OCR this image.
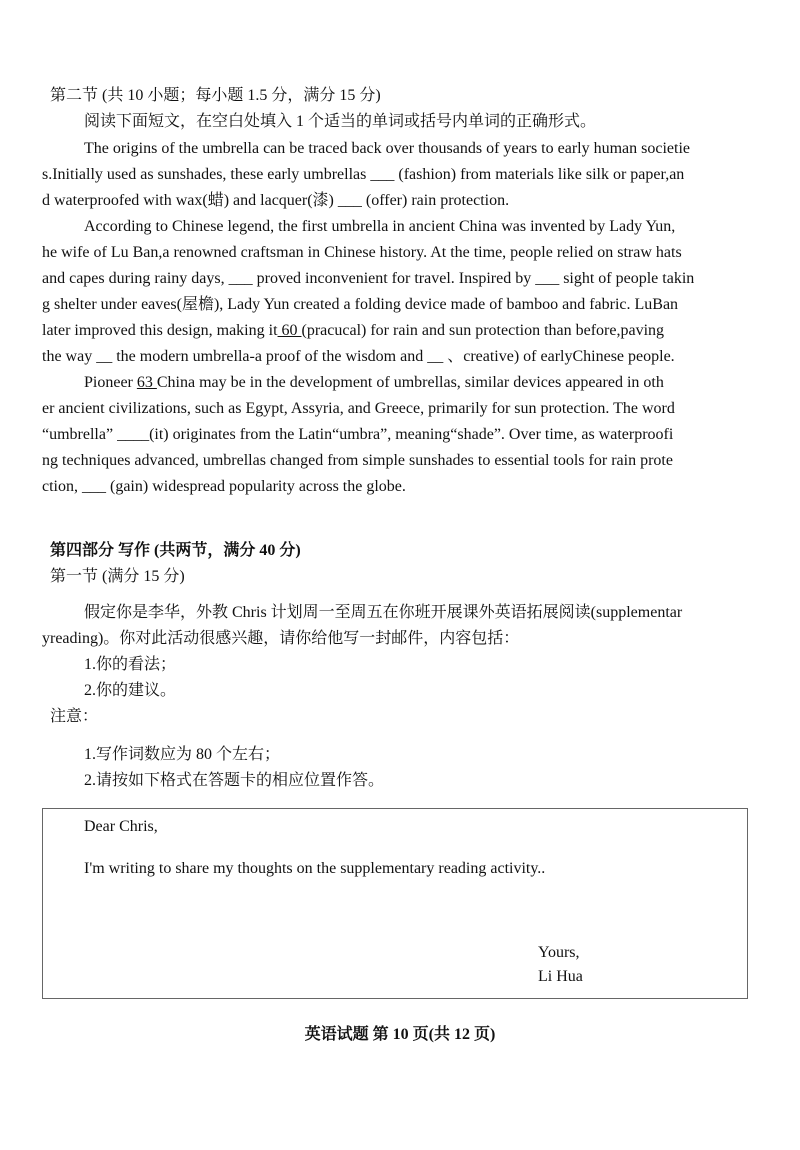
第二节 (共 10 小题；每小题 1.5 分，满分 15 分)
阅读下面短文，在空白处填入 1 个适当的单词或括号内单词的正确形式。
The origins of the umbrella can be traced back over thousands of years to early human societie
s.Initially used as sunshades, these early umbrellas ___ (fashion) from materials like silk or paper,an
d waterproofed with wax(蜡) and lacquer(漆) ___ (offer) rain protection.
According to Chinese legend, the first umbrella in ancient China was invented by Lady Yun,
he wife of Lu Ban,a renowned craftsman in Chinese history. At the time, people relied on straw hats
and capes during rainy days, ___ proved inconvenient for travel. Inspired by ___ sight of people takin
g shelter under eaves(屋檐), Lady Yun created a folding device made of bamboo and fabric. LuBan
later improved this design, making it 60 (pracucal) for rain and sun protection than before,paving
the way __ the modern umbrella-a proof of the wisdom and __ 、creative) of earlyChinese people.
Pioneer 63 China may be in the development of umbrellas, similar devices appeared in oth
er ancient civilizations, such as Egypt, Assyria, and Greece, primarily for sun protection. The word
“umbrella” ____(it) originates from the Latin“umbra”, meaning“shade”. Over time, as waterproofi
ng techniques advanced, umbrellas changed from simple sunshades to essential tools for rain prote
ction, ___ (gain) widespread popularity across the globe.
第四部分 写作 (共两节，满分 40 分)
第一节 (满分 15 分)
假定你是李华，外教 Chris 计划周一至周五在你班开展课外英语拓展阅读(supplementar
yreading)。你对此活动很感兴趣，请你给他写一封邮件，内容包括：
1.你的看法；
2.你的建议。
注意：
1.写作词数应为 80 个左右；
2.请按如下格式在答题卡的相应位置作答。
Dear Chris,
I'm writing to share my thoughts on the supplementary reading activity..
Yours,
Li Hua
英语试题 第 10 页(共 12 页)
